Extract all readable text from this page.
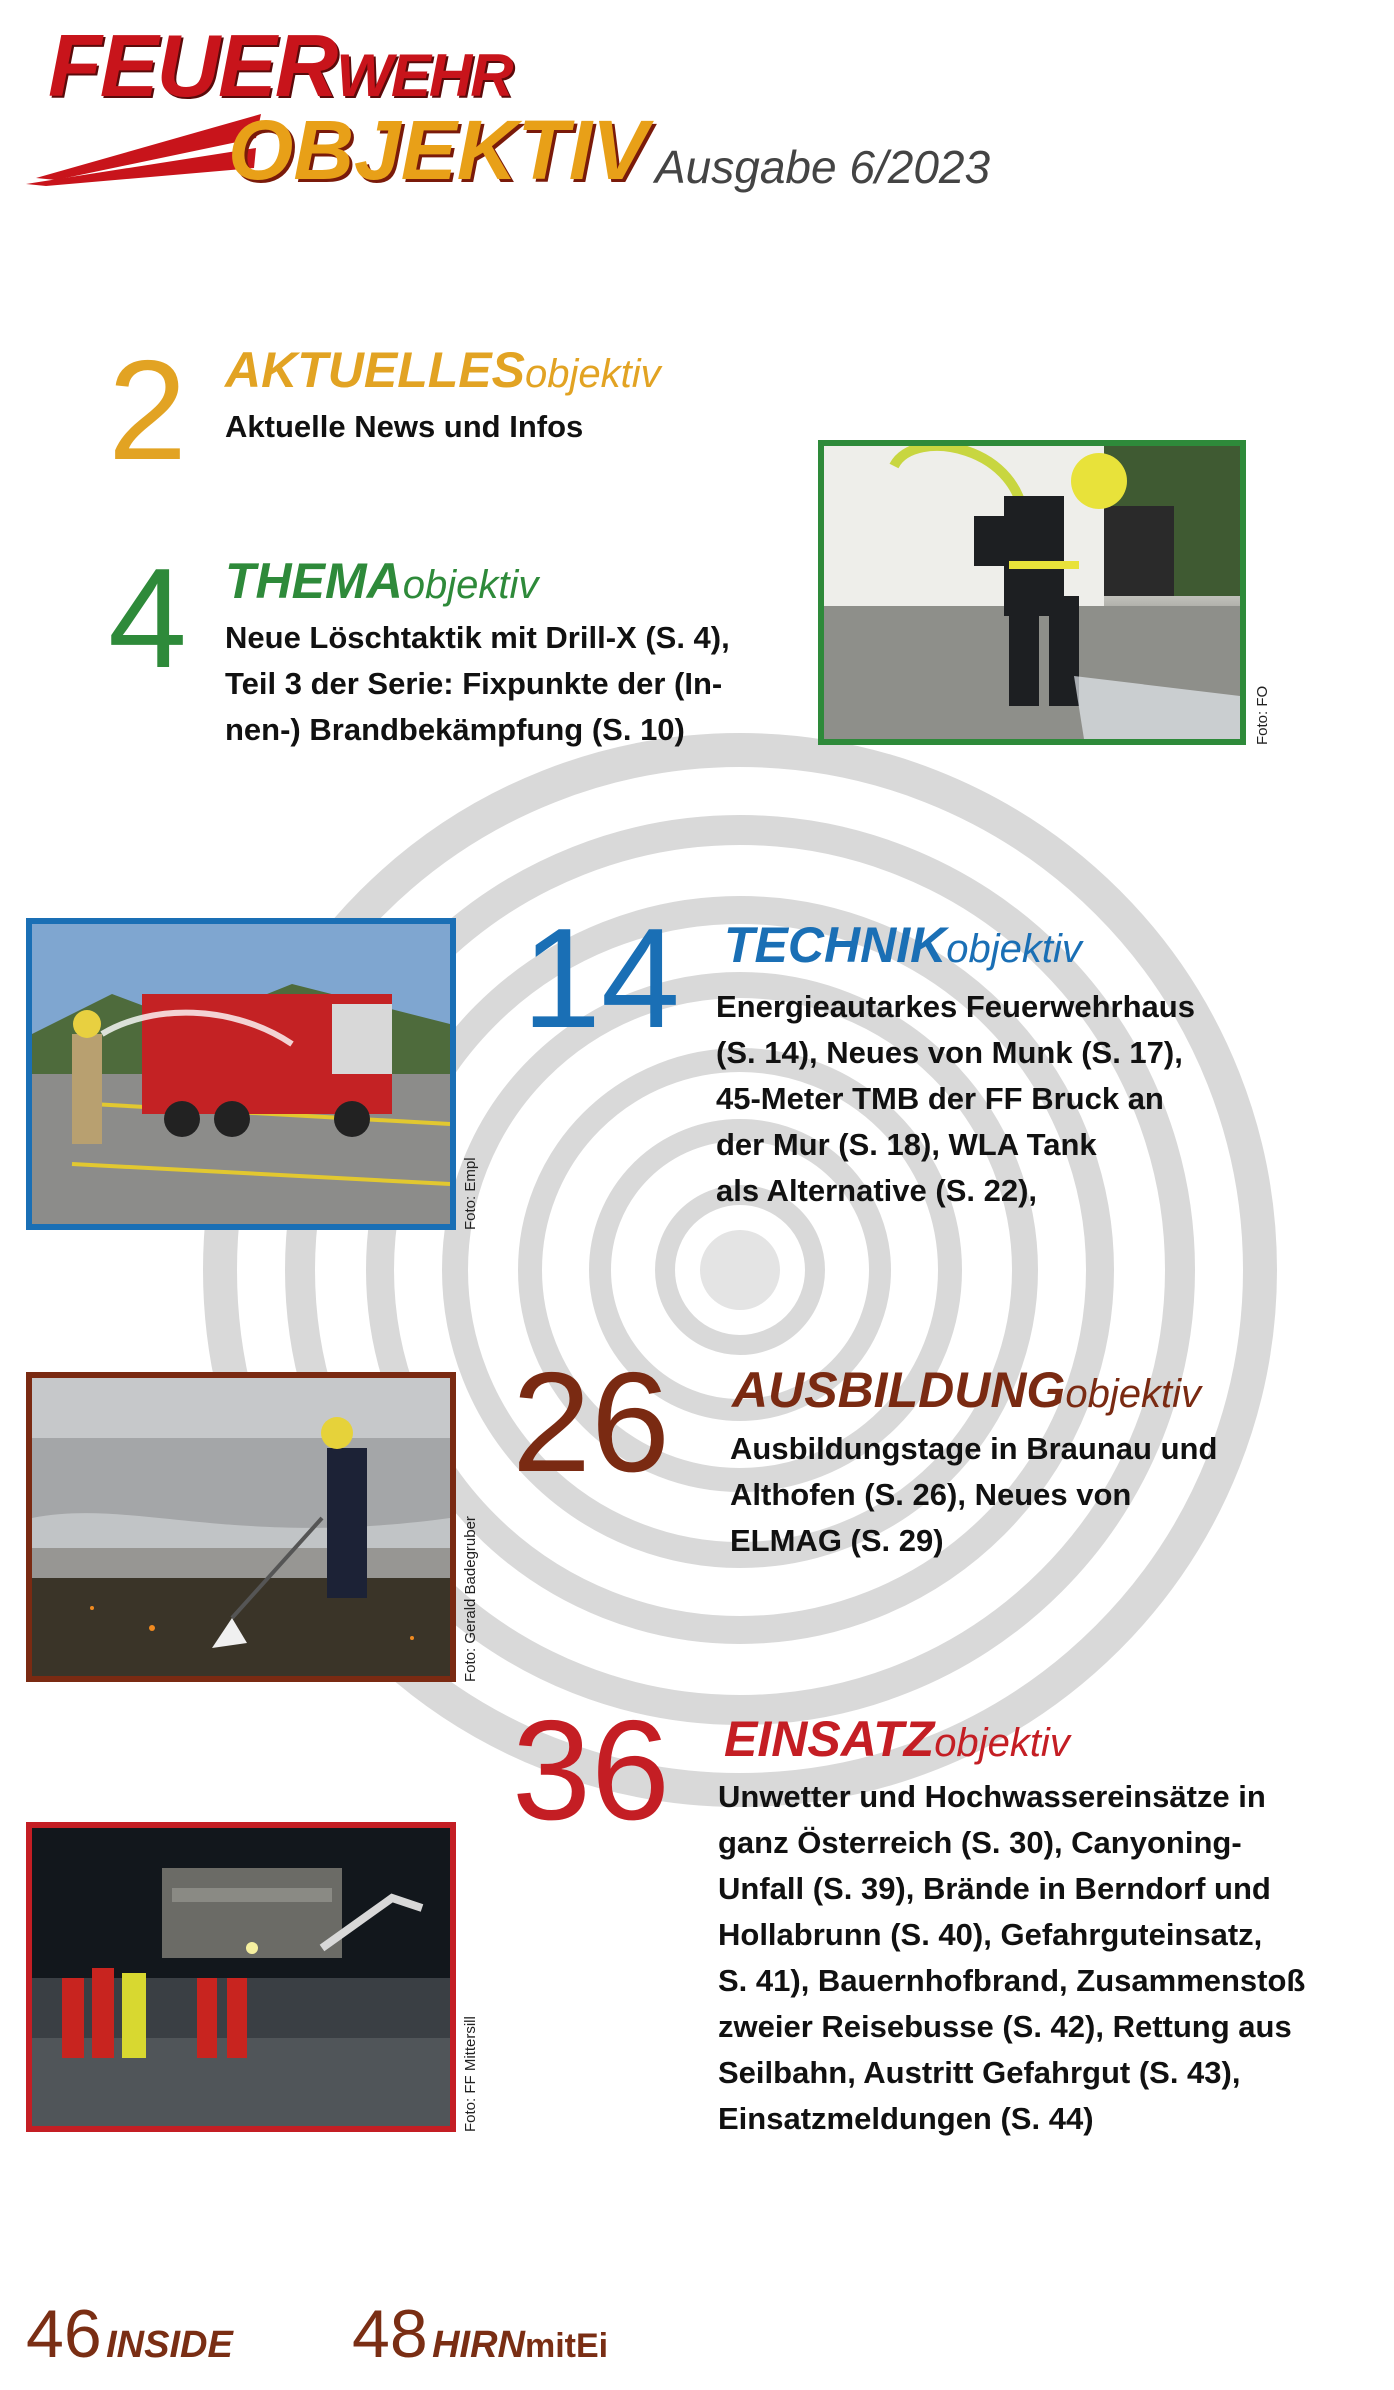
FEUERWEHR
OBJEKTIV Ausgabe 6/2023
2 AKTUELLESobjektiv
Aktuelle News und Infos
4 THEMAobjektiv
Neue Löschtaktik mit Drill-X (S. 4),
Teil 3 der Serie: Fixpunkte der (In-
nen-) Brandbekämpfung (S. 10)	Foto: FO
14 TECHNIKobjektiv
Energieautarkes Feuerwehrhaus
(S. 14), Neues von Munk (S. 17),
45-Meter TMB der FF Bruck an
der Mur (S. 18), WLA Tank
als Alternative (S. 22),
Foto: Empl
26 AUSBILDUNGobjektiv
Ausbildungstage in Braunau und
Althofen (S. 26), Neues von
ELMAG (S. 29)
Foto: Gerald Badegruber
36 EINSATZobjektiv
Unwetter und Hochwassereinsätze in
ganz Österreich (S. 30), Canyoning-
Unfall (S. 39), Brände in Berndorf und
Hollabrunn (S. 40), Gefahrguteinsatz,
S. 41), Bauernhofbrand, Zusammenstoß
zweier Reisebusse (S. 42), Rettung aus
Seilbahn, Austritt Gefahrgut (S. 43),
Einsatzmeldungen (S. 44)
Foto: FF Mittersill
46 INSIDE 48 HIRNmitEi
